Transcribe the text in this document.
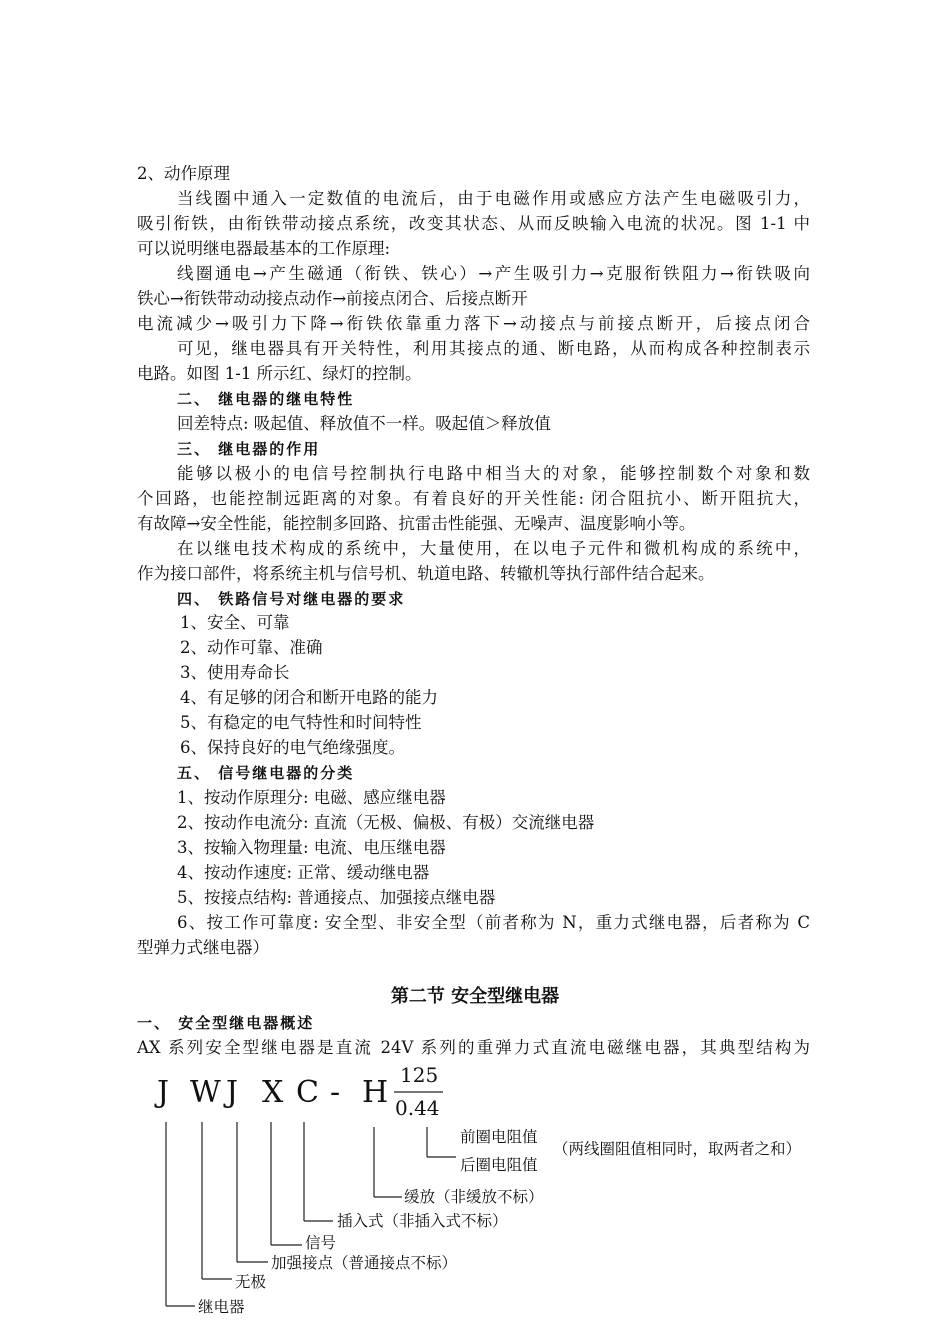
2、动作原理
当线圈中通入一定数值的电流后，由于电磁作用或感应方法产生电磁吸引力，
吸引衔铁，由衔铁带动接点系统，改变其状态、从而反映输入电流的状况。图 1-1 中
可以说明继电器最基本的工作原理:
线圈通电→产生磁通（衔铁、铁心）→产生吸引力→克服衔铁阻力→衔铁吸向
铁心→衔铁带动动接点动作→前接点闭合、后接点断开
电流减少→吸引力下降→衔铁依靠重力落下→动接点与前接点断开，后接点闭合
可见，继电器具有开关特性，利用其接点的通、断电路，从而构成各种控制表示
电路。如图 1-1 所示红、绿灯的控制。
二、 继电器的继电特性
回差特点: 吸起值、释放值不一样。吸起值＞释放值
三、 继电器的作用
能够以极小的电信号控制执行电路中相当大的对象，能够控制数个对象和数
个回路，也能控制远距离的对象。有着良好的开关性能: 闭合阻抗小、断开阻抗大，
有故障→安全性能，能控制多回路、抗雷击性能强、无噪声、温度影响小等。
在以继电技术构成的系统中，大量使用，在以电子元件和微机构成的系统中，
作为接口部件，将系统主机与信号机、轨道电路、转辙机等执行部件结合起来。
四、 铁路信号对继电器的要求
1、安全、可靠
2、动作可靠、准确
3、使用寿命长
4、有足够的闭合和断开电路的能力
5、有稳定的电气特性和时间特性
6、保持良好的电气绝缘强度。
五、 信号继电器的分类
1、按动作原理分: 电磁、感应继电器
2、按动作电流分: 直流（无极、偏极、有极）交流继电器
3、按输入物理量: 电流、电压继电器
4、按动作速度: 正常、缓动继电器
5、按接点结构: 普通接点、加强接点继电器
6、按工作可靠度: 安全型、非安全型（前者称为 N，重力式继电器，后者称为 C
型弹力式继电器）
第二节 安全型继电器
一、 安全型继电器概述
AX 系列安全型继电器是直流 24V 系列的重弹力式直流电磁继电器，其典型结构为
J W J X C - H 125
0.44
前圈电阻值
后圈电阻值
（两线圈阻值相同时，取两者之和）
缓放（非缓放不标）
插入式（非插入式不标）
信号
加强接点（普通接点不标）
无极
继电器
